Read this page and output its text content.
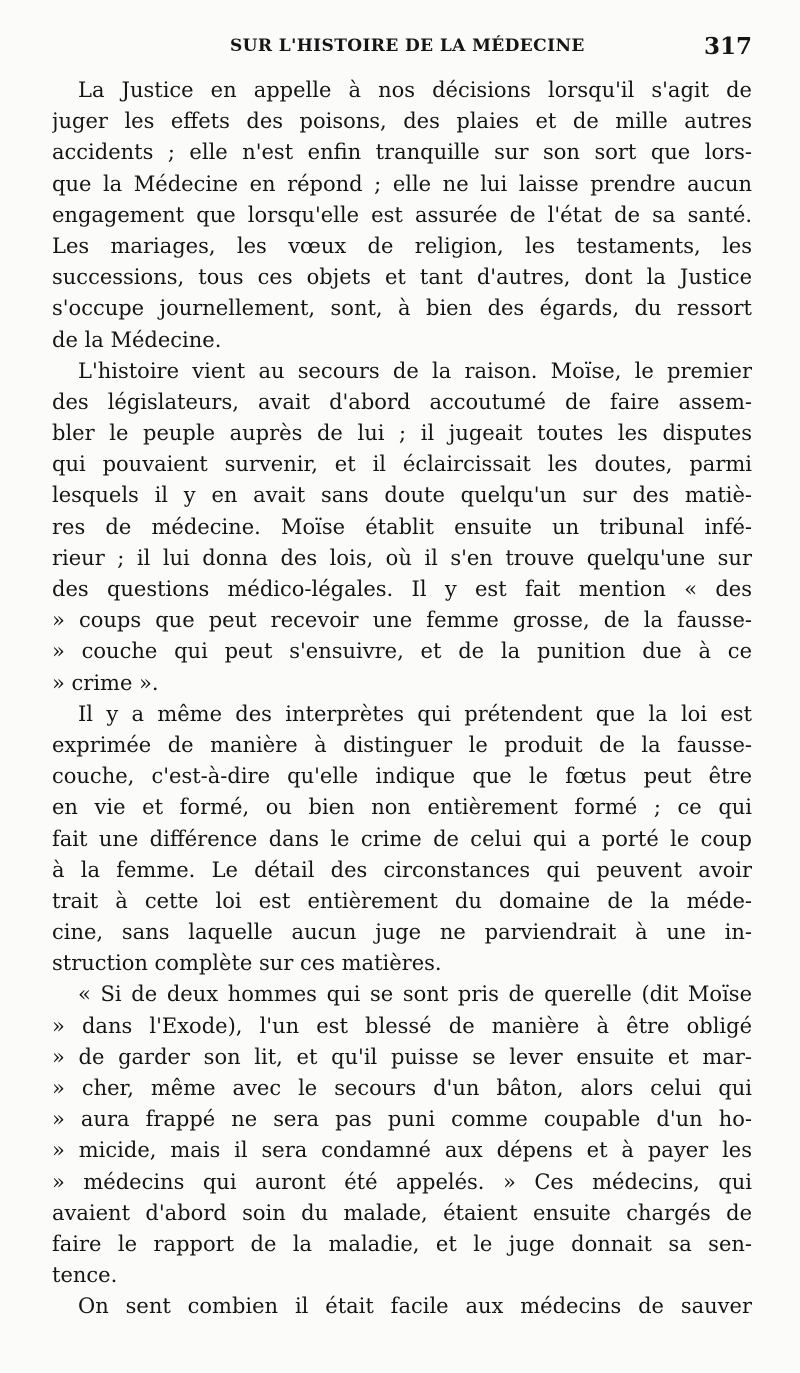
SUR L'HISTOIRE DE LA MÉDECINE	317
La Justice en appelle à nos décisions lorsqu'il s'agit de
juger les effets des poisons, des plaies et de mille autres
accidents ; elle n'est enfin tranquille sur son sort que lors-
que la Médecine en répond ; elle ne lui laisse prendre aucun
engagement que lorsqu'elle est assurée de l'état de sa santé.
Les mariages, les vœux de religion, les testaments, les
successions, tous ces objets et tant d'autres, dont la Justice
s'occupe journellement, sont, à bien des égards, du ressort
de la Médecine.
L'histoire vient au secours de la raison. Moïse, le premier
des législateurs, avait d'abord accoutumé de faire assem-
bler le peuple auprès de lui ; il jugeait toutes les disputes
qui pouvaient survenir, et il éclaircissait les doutes, parmi
lesquels il y en avait sans doute quelqu'un sur des matiè-
res de médecine. Moïse établit ensuite un tribunal infé-
rieur ; il lui donna des lois, où il s'en trouve quelqu'une sur
des questions médico-légales. Il y est fait mention « des
» coups que peut recevoir une femme grosse, de la fausse-
» couche qui peut s'ensuivre, et de la punition due à ce
» crime ».
Il y a même des interprètes qui prétendent que la loi est
exprimée de manière à distinguer le produit de la fausse-
couche, c'est-à-dire qu'elle indique que le fœtus peut être
en vie et formé, ou bien non entièrement formé ; ce qui
fait une différence dans le crime de celui qui a porté le coup
à la femme. Le détail des circonstances qui peuvent avoir
trait à cette loi est entièrement du domaine de la méde-
cine, sans laquelle aucun juge ne parviendrait à une in-
struction complète sur ces matières.
« Si de deux hommes qui se sont pris de querelle (dit Moïse
» dans l'Exode), l'un est blessé de manière à être obligé
» de garder son lit, et qu'il puisse se lever ensuite et mar-
» cher, même avec le secours d'un bâton, alors celui qui
» aura frappé ne sera pas puni comme coupable d'un ho-
» micide, mais il sera condamné aux dépens et à payer les
» médecins qui auront été appelés. » Ces médecins, qui
avaient d'abord soin du malade, étaient ensuite chargés de
faire le rapport de la maladie, et le juge donnait sa sen-
tence.
On sent combien il était facile aux médecins de sauver
